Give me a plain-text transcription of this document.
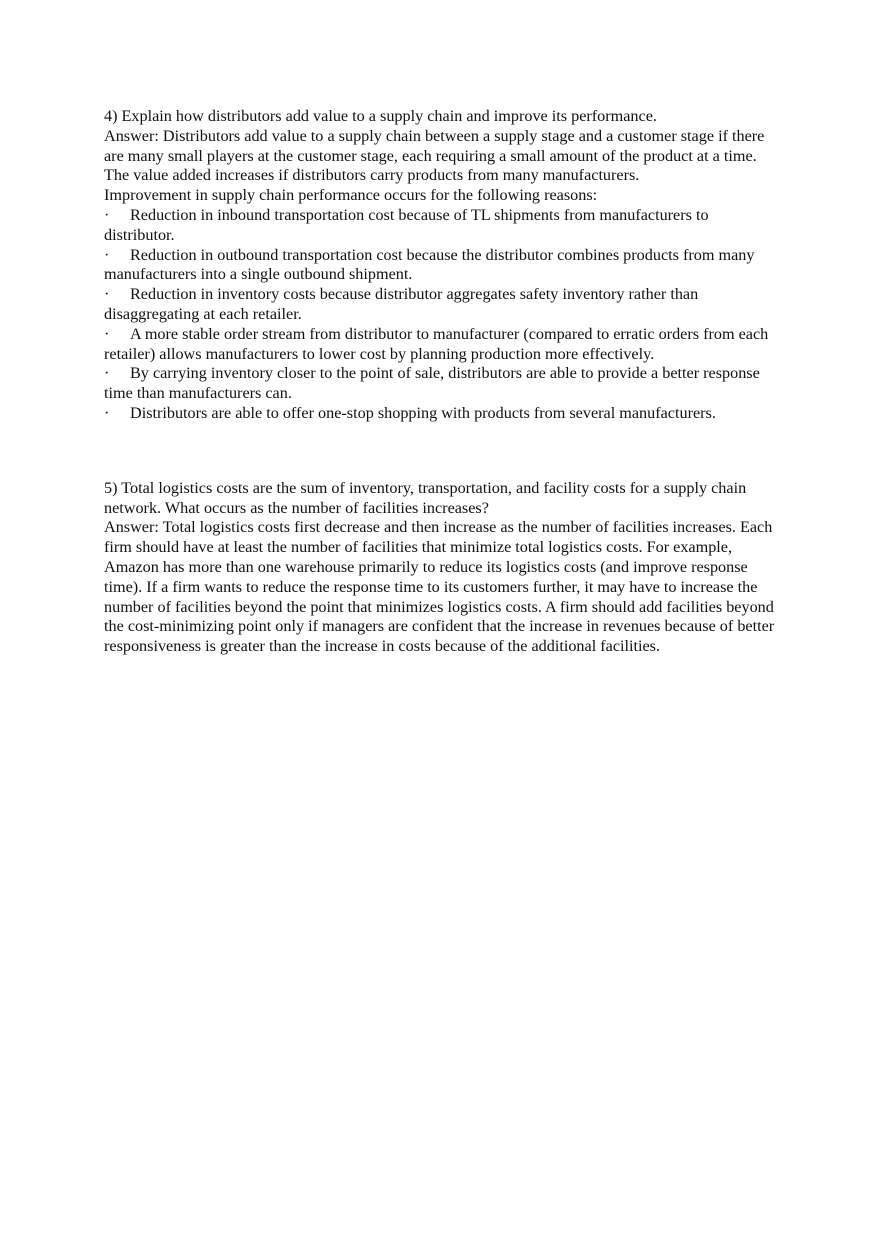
4) Explain how distributors add value to a supply chain and improve its performance.

Answer: Distributors add value to a supply chain between a supply stage and a customer stage if there are many small players at the customer stage, each requiring a small amount of the product at a time. The value added increases if distributors carry products from many manufacturers.

Improvement in supply chain performance occurs for the following reasons:

· Reduction in inbound transportation cost because of TL shipments from manufacturers to distributor.

· Reduction in outbound transportation cost because the distributor combines products from many manufacturers into a single outbound shipment.

· Reduction in inventory costs because distributor aggregates safety inventory rather than disaggregating at each retailer.

· A more stable order stream from distributor to manufacturer (compared to erratic orders from each retailer) allows manufacturers to lower cost by planning production more effectively.

· By carrying inventory closer to the point of sale, distributors are able to provide a better response time than manufacturers can.

· Distributors are able to offer one-stop shopping with products from several manufacturers.

5) Total logistics costs are the sum of inventory, transportation, and facility costs for a supply chain network. What occurs as the number of facilities increases?

Answer: Total logistics costs first decrease and then increase as the number of facilities increases. Each firm should have at least the number of facilities that minimize total logistics costs. For example, Amazon has more than one warehouse primarily to reduce its logistics costs (and improve response time). If a firm wants to reduce the response time to its customers further, it may have to increase the number of facilities beyond the point that minimizes logistics costs. A firm should add facilities beyond the cost-minimizing point only if managers are confident that the increase in revenues because of better responsiveness is greater than the increase in costs because of the additional facilities.
